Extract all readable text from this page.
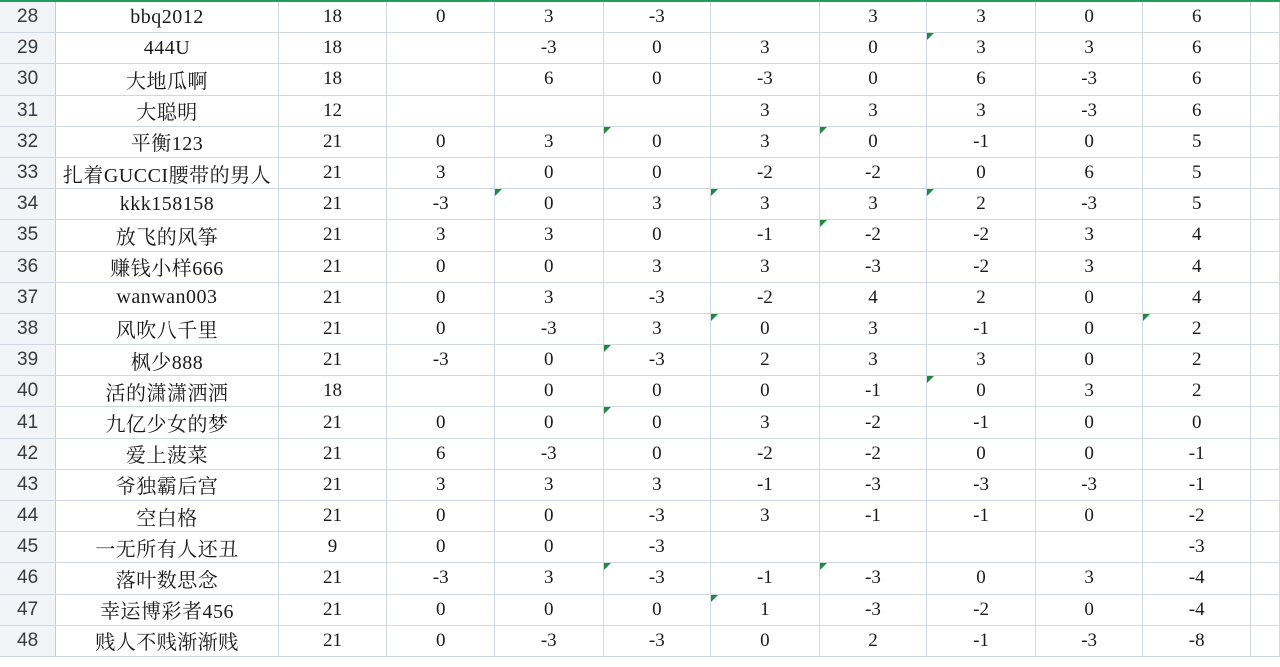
28	bbq2012	18	0	3	-3		3	3	0	6	
29	444U	18		-3	0	3	0	3	3	6	
30	大地瓜啊	18		6	0	-3	0	6	-3	6	
31	大聪明	12				3	3	3	-3	6	
32	平衡123	21	0	3	0	3	0	-1	0	5	
33	扎着GUCCI腰带的男人	21	3	0	0	-2	-2	0	6	5	
34	kkk158158	21	-3	0	3	3	3	2	-3	5	
35	放飞的风筝	21	3	3	0	-1	-2	-2	3	4	
36	赚钱小样666	21	0	0	3	3	-3	-2	3	4	
37	wanwan003	21	0	3	-3	-2	4	2	0	4	
38	风吹八千里	21	0	-3	3	0	3	-1	0	2

39	枫少888	21	-3	0	-3	2	3	3	0	2	
40	活的潇潇洒洒	18		0	0	0	-1	0	3	2	
41	九亿少女的梦	21	0	0	0	3	-2	-1	0	0	
42	爱上菠菜	21	6	-3	0	-2	-2	0	0	-1	
43	爷独霸后宫	21	3	3	3	-1	-3	-3	-3	-1	
44	空白格	21	0	0	-3	3	-1	-1	0	-2	
45	一无所有人还丑	9	0	0	-3					-3	
46	落叶数思念	21	-3	3	-3	-1	-3	0	3	-4	
47	幸运博彩者456	21	0	0	0	1	-3	-2	0	-4	
48	贱人不贱渐渐贱	21	0	-3	-3	0	2	-1	-3	-8	
